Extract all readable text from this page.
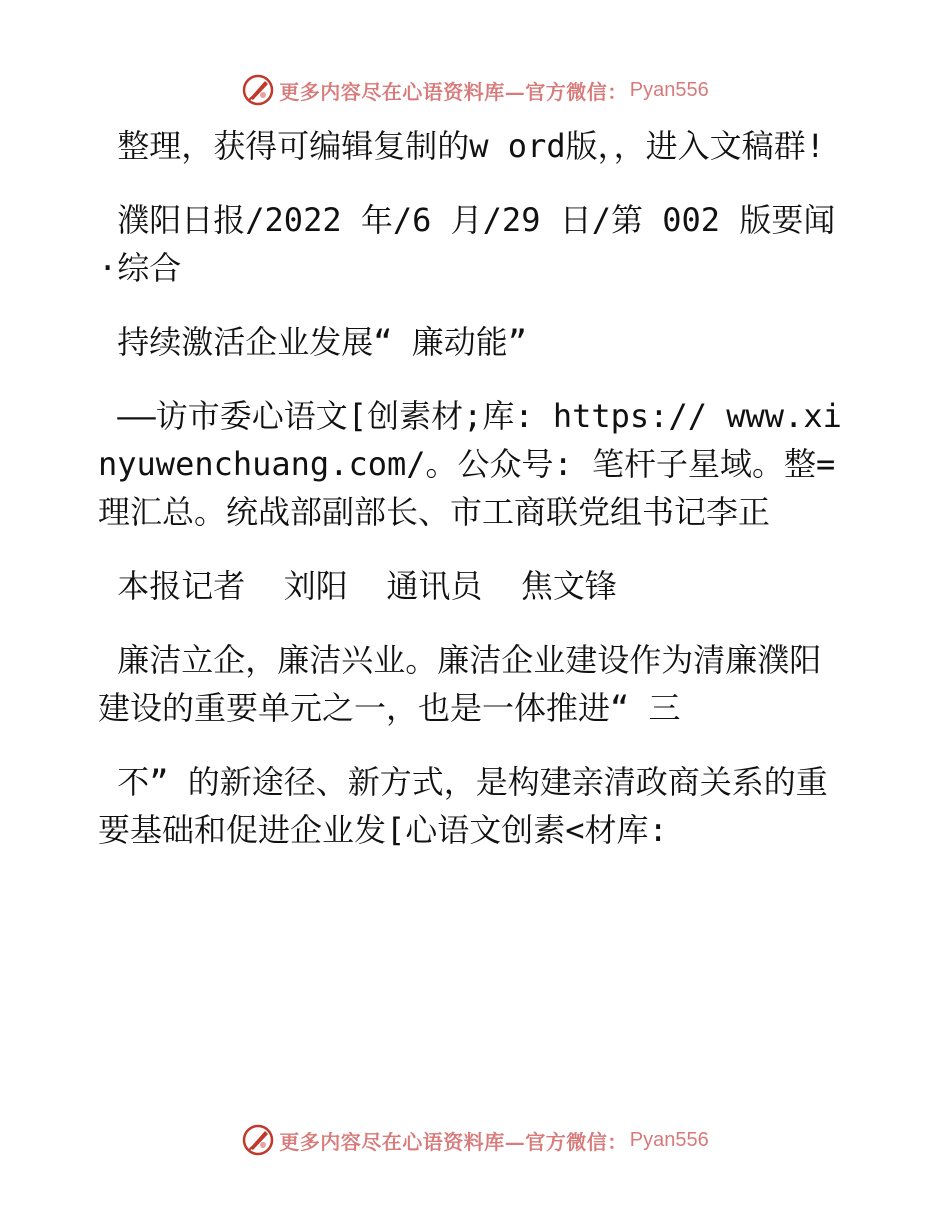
更多内容尽在心语资料库—官方微信： Pyan556

整理，获得可编辑复制的w ord版，，进入文稿群!

濮阳日报/2022 年/6 月/29 日/第 002 版要闻·综合

持续激活企业发展“ 廉动能”

——访市委心语文[创素材;库: https:// www.xinyuwenchuang.com/。公众号: 笔杆子星域。整=理汇总。统战部副部长、市工商联党组书记李正

本报记者  刘阳  通讯员  焦文锋

廉洁立企，廉洁兴业。廉洁企业建设作为清廉濮阳建设的重要单元之一，也是一体推进“ 三

不” 的新途径、新方式，是构建亲清政商关系的重要基础和促进企业发[心语文创素<材库:

更多内容尽在心语资料库—官方微信： Pyan556
